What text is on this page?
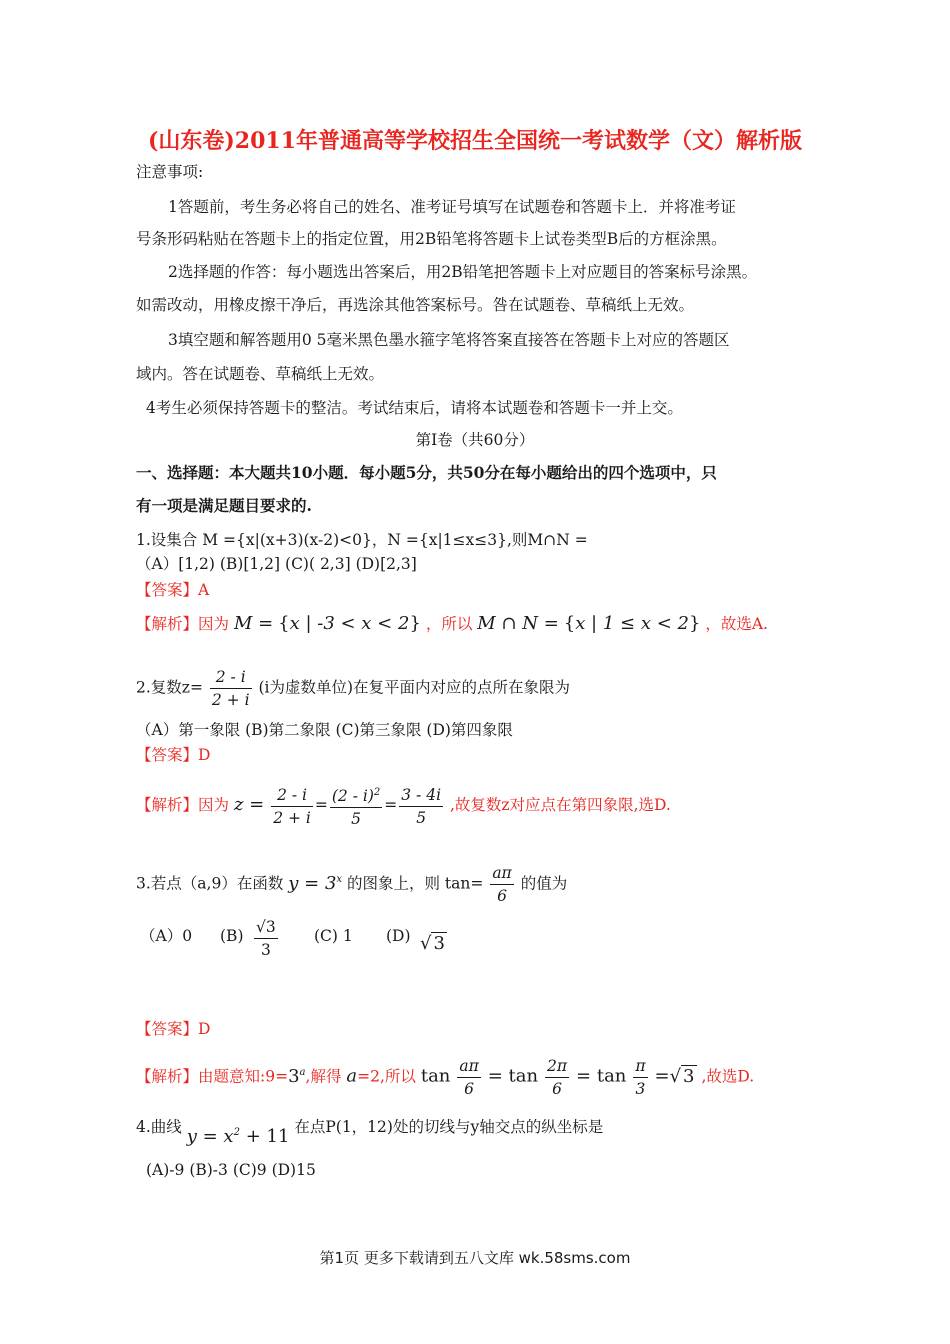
(山东卷)2011年普通高等学校招生全国统一考试数学（文）解析版
注意事项:
1答题前，考生务必将自己的姓名、准考证号填写在试题卷和答题卡上．并将准考证
号条形码粘贴在答题卡上的指定位置，用2B铅笔将答题卡上试卷类型B后的方框涂黑。
2选择题的作答：每小题选出答案后，用2B铅笔把答题卡上对应题目的答案标号涂黑。
如需改动，用橡皮擦干净后，再选涂其他答案标号。咎在试题卷、草稿纸上无效。
3填空题和解答题用0 5毫米黑色墨水箍字笔将答案直接答在答题卡上对应的答题区
域内。答在试题卷、草稿纸上无效。
4考生必须保持答题卡的整洁。考试结束后，请将本试题卷和答题卡一并上交。
第Ⅰ卷（共60分）
一、选择题：本大题共10小题．每小题5分，共50分在每小题给出的四个选项中，只
有一项是满足题目要求的.
1.设集合 M ={x|(x+3)(x-2)<0}，N ={x|1≤x≤3},则M∩N =
（A）[1,2) (B)[1,2] (C)( 2,3] (D)[2,3]
【答案】A
【解析】因为 M = {x | -3 < x < 2} ，所以 M ∩ N = {x | 1 ≤ x < 2} ，故选A.
2.复数$z= \frac{2 - i}{2 + i} (i$为虚数单位)在复平面内对应的点所在象限为
（A）第一象限 (B)第二象限 (C)第三象限 (D)第四象限
【答案】D
【解析】因为 $z = \frac{2 - i}{2 + i} = \frac{(2 - i)^2}{5} = \frac{3 - 4i}{5}$ ,故复数z对应点在第四象限,选D.
3.若点（a,9）在函数 $y = 3^x$ 的图象上，则 $\tan= \frac{a\pi}{6}$ 的值为
（A）0 $(B) \frac{√3}{3} (C)$ 1 (D) √ 3
【答案】D
【解析】由题意知$:9=3^a$,解得 a=2,所以 $\tan \frac{a\pi}{6} = \tan \frac{2\pi}{6} = \tan \frac{\pi}{3}$ =√ 3 ,故选D.
4.曲线 $y = x^2 + 11$ 在点P(1，12)处的切线与y轴交点的纵坐标是
(A)-9 (B)-3 (C)9 (D)15
第1页 更多下载请到五八文库 wk.58sms.com
